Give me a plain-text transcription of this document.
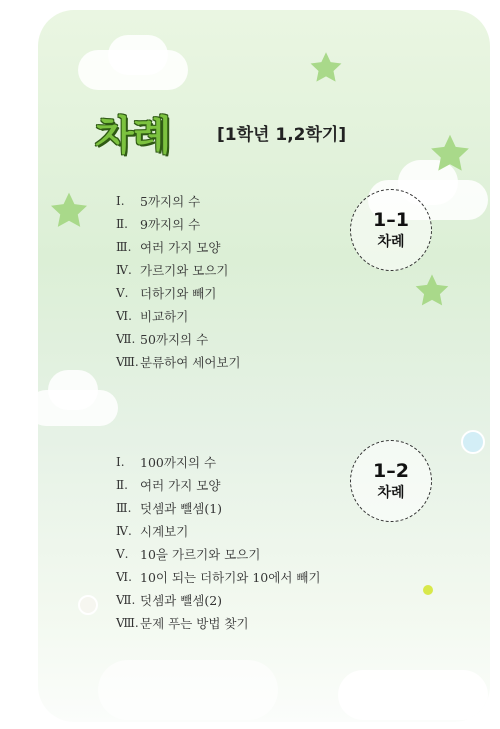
차례	[1학년 1,2학기]
Ⅰ.	5까지의 수
Ⅱ. 9까지의 수
Ⅲ. 여러 가지 모양
Ⅳ. 가르기와 모으기
Ⅴ. 더하기와 빼기
Ⅵ. 비교하기
Ⅶ. 50까지의 수
Ⅷ. 분류하여 세어보기
1–1
차례
Ⅰ.	100까지의 수
Ⅱ. 여러 가지 모양
Ⅲ. 덧셈과 뺄셈(1)
Ⅳ. 시계보기
Ⅴ. 10을 가르기와 모으기
Ⅵ. 10이 되는 더하기와 10에서 빼기
Ⅶ. 덧셈과 뺄셈(2)
Ⅷ. 문제 푸는 방법 찾기
1–2
차례
